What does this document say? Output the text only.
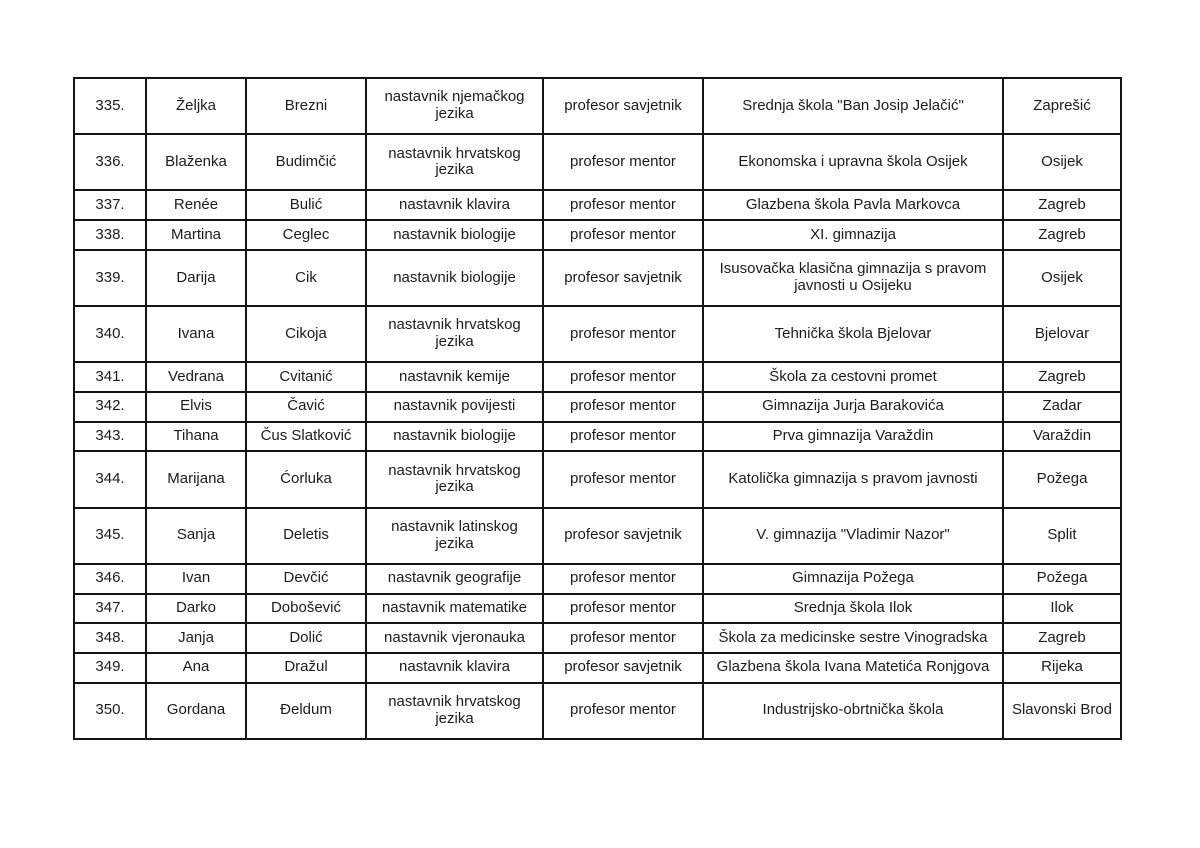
335.	Željka	Brezni	nastavnik njemačkog jezika	profesor savjetnik	Srednja škola "Ban Josip Jelačić"	Zaprešić
336.	Blaženka	Budimčić	nastavnik hrvatskog jezika	profesor mentor	Ekonomska i upravna škola Osijek	Osijek
337.	Renée	Bulić	nastavnik klavira	profesor mentor	Glazbena škola Pavla Markovca	Zagreb
338.	Martina	Ceglec	nastavnik biologije	profesor mentor	XI. gimnazija	Zagreb
339.	Darija	Cik	nastavnik biologije	profesor savjetnik	Isusovačka klasična gimnazija s pravom javnosti u Osijeku	Osijek
340.	Ivana	Cikoja	nastavnik hrvatskog jezika	profesor mentor	Tehnička škola Bjelovar	Bjelovar
341.	Vedrana	Cvitanić	nastavnik kemije	profesor mentor	Škola za cestovni promet	Zagreb
342.	Elvis	Čavić	nastavnik povijesti	profesor mentor	Gimnazija Jurja Barakovića	Zadar
343.	Tihana	Čus Slatković	nastavnik biologije	profesor mentor	Prva gimnazija Varaždin	Varaždin
344.	Marijana	Ćorluka	nastavnik hrvatskog jezika	profesor mentor	Katolička gimnazija s pravom javnosti	Požega
345.	Sanja	Deletis	nastavnik latinskog jezika	profesor savjetnik	V. gimnazija "Vladimir Nazor"	Split
346.	Ivan	Devčić	nastavnik geografije	profesor mentor	Gimnazija Požega	Požega
347.	Darko	Dobošević	nastavnik matematike	profesor mentor	Srednja škola Ilok	Ilok
348.	Janja	Dolić	nastavnik vjeronauka	profesor mentor	Škola za medicinske sestre Vinogradska	Zagreb
349.	Ana	Dražul	nastavnik klavira	profesor savjetnik	Glazbena škola Ivana Matetića Ronjgova	Rijeka
350.	Gordana	Đeldum	nastavnik hrvatskog jezika	profesor mentor	Industrijsko-obrtnička škola	Slavonski Brod
